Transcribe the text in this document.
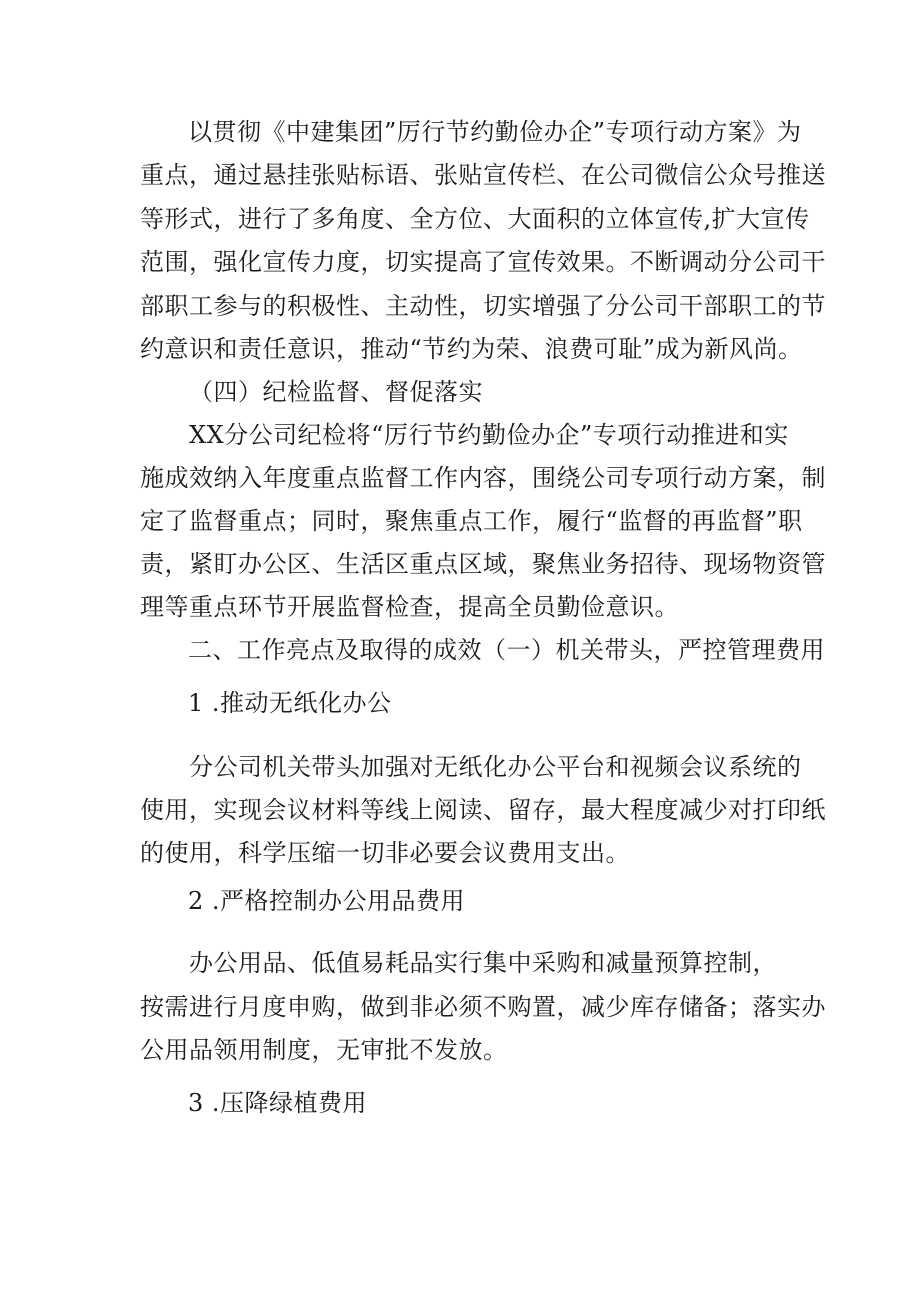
以贯彻《中建集团”厉行节约勤俭办企”专项行动方案》为

重点，通过悬挂张贴标语、张贴宣传栏、在公司微信公众号推送

等形式，进行了多角度、全方位、大面积的立体宣传,扩大宣传

范围，强化宣传力度，切实提高了宣传效果。不断调动分公司干

部职工参与的积极性、主动性，切实增强了分公司干部职工的节

约意识和责任意识，推动“节约为荣、浪费可耻”成为新风尚。

（四）纪检监督、督促落实

XX分公司纪检将“厉行节约勤俭办企”专项行动推进和实

施成效纳入年度重点监督工作内容，围绕公司专项行动方案，制

定了监督重点；同时，聚焦重点工作，履行“监督的再监督”职

责，紧盯办公区、生活区重点区域，聚焦业务招待、现场物资管

理等重点环节开展监督检查，提高全员勤俭意识。

二、工作亮点及取得的成效（一）机关带头，严控管理费用

1 .推动无纸化办公

分公司机关带头加强对无纸化办公平台和视频会议系统的

使用，实现会议材料等线上阅读、留存，最大程度减少对打印纸

的使用，科学压缩一切非必要会议费用支出。

2 .严格控制办公用品费用

办公用品、低值易耗品实行集中采购和减量预算控制，

按需进行月度申购，做到非必须不购置，减少库存储备；落实办

公用品领用制度，无审批不发放。

3 .压降绿植费用
